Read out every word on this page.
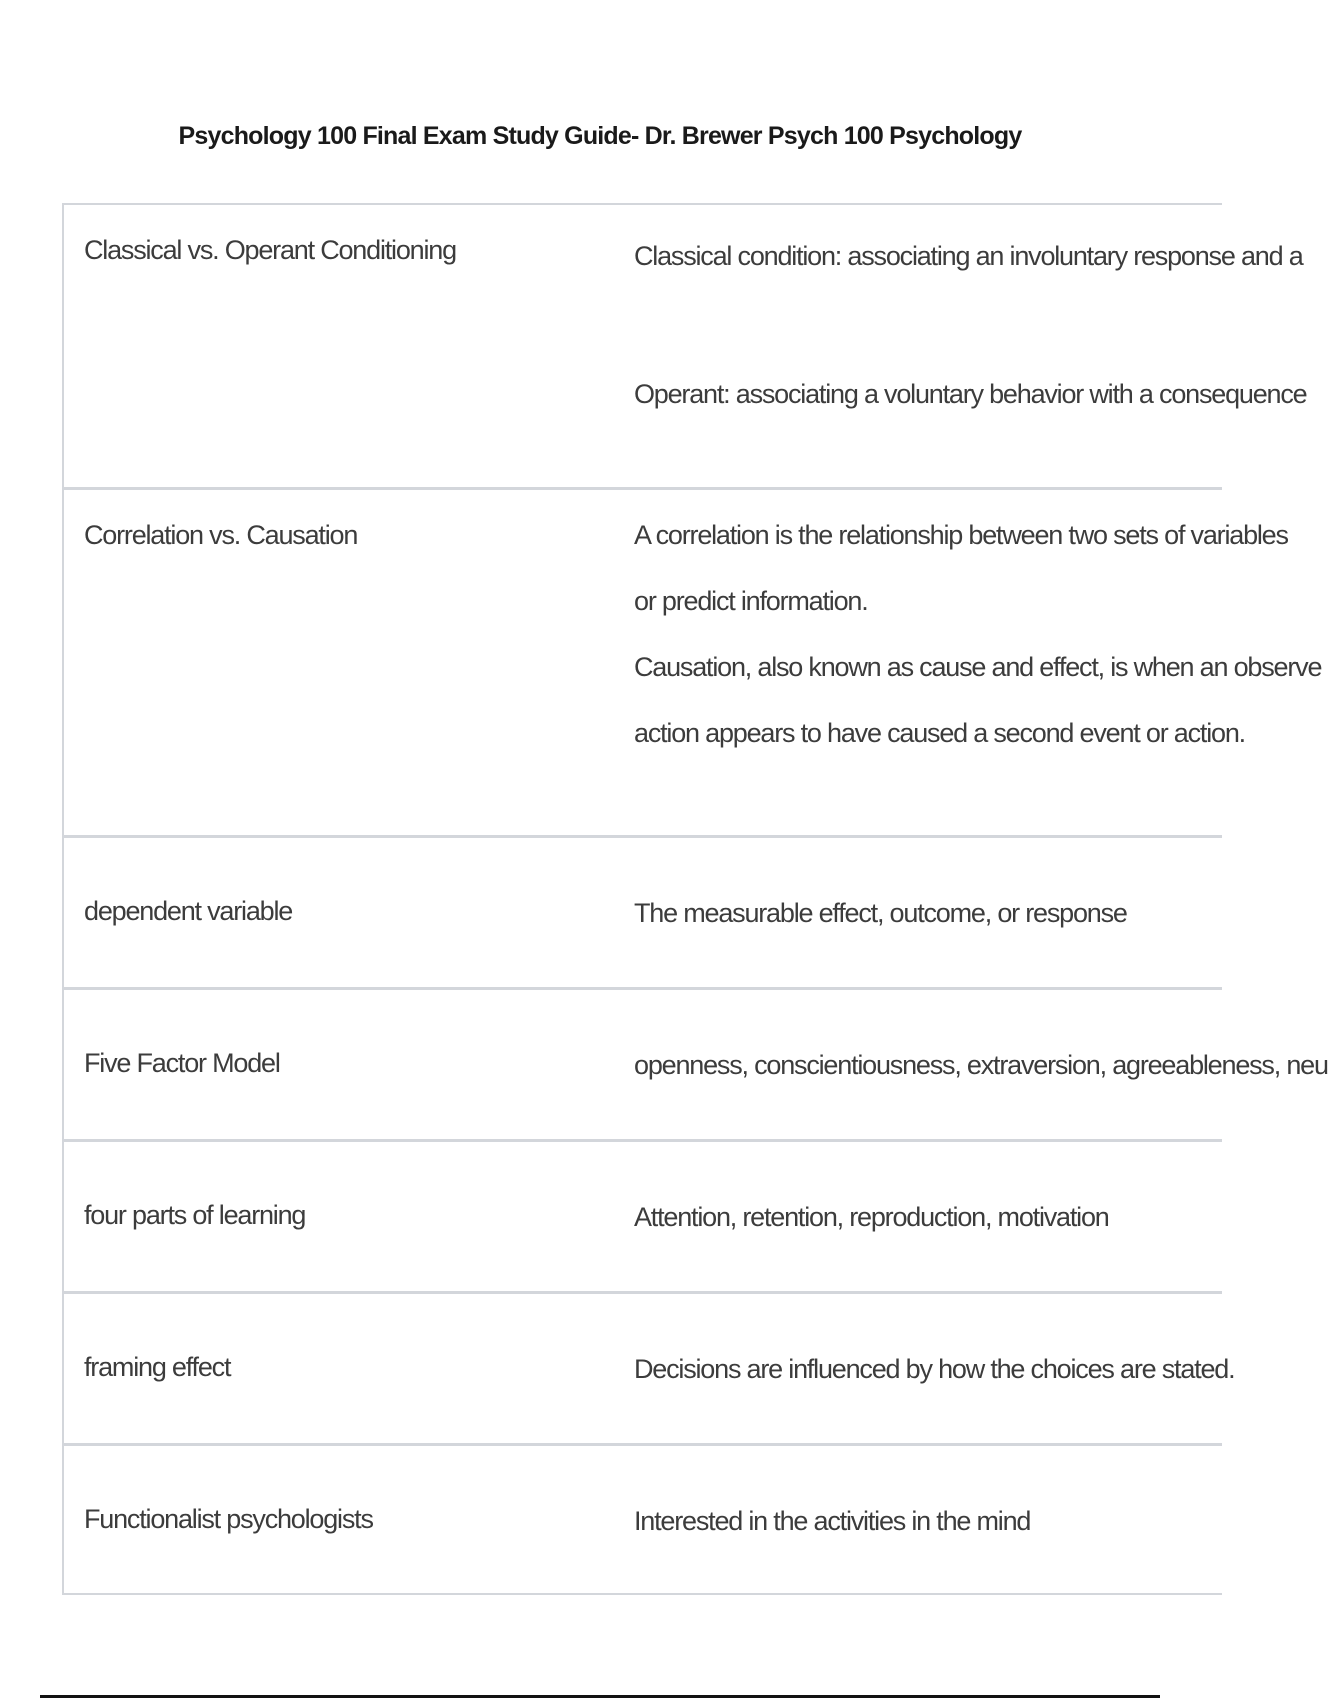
Psychology 100 Final Exam Study Guide- Dr. Brewer Psych 100 Psychology
Classical vs. Operant Conditioning	Classical condition: associating an involuntary response and a
Operant: associating a voluntary behavior with a consequence
Correlation vs. Causation	A correlation is the relationship between two sets of variables
or predict information.
Causation, also known as cause and effect, is when an observe
action appears to have caused a second event or action.
dependent variable	The measurable effect, outcome, or response
Five Factor Model	openness, conscientiousness, extraversion, agreeableness, neu
four parts of learning	Attention, retention, reproduction, motivation
framing effect	Decisions are influenced by how the choices are stated.
Functionalist psychologists	Interested in the activities in the mind
